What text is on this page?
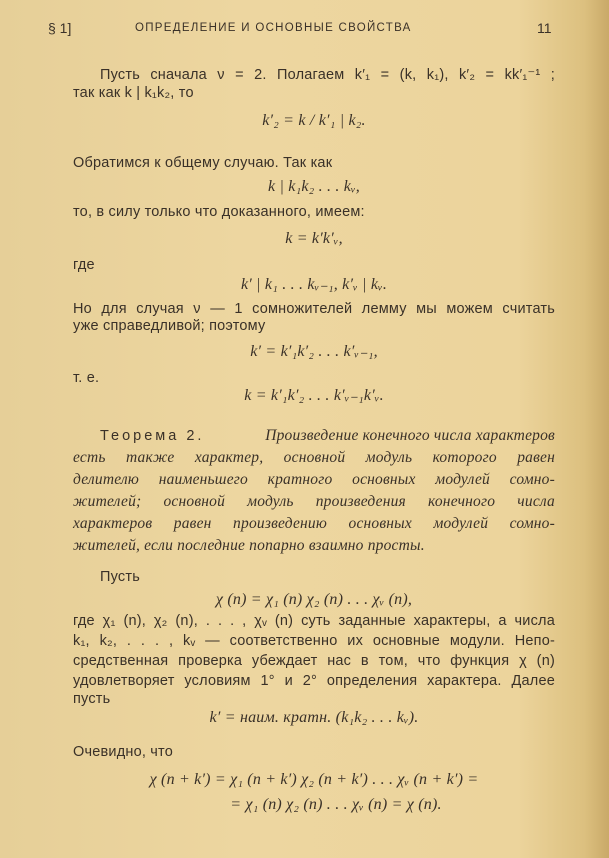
§ 1]	ОПРЕДЕЛЕНИЕ И ОСНОВНЫЕ СВОЙСТВА	11
Пусть сначала ν = 2. Полагаем k′₁ = (k, k₁), k′₂ = kk′₁⁻¹ ;
так как k | k₁k₂, то
k′₂ = k / k′₁ | k₂.
Обратимся к общему случаю. Так как
k | k₁k₂ . . . kᵥ,
то, в силу только что доказанного, имеем:
k = k′k′ᵥ,
где
k′ | k₁ . . . kᵥ₋₁, k′ᵥ | kᵥ.
Но для случая ν — 1 сомножителей лемму мы можем считать
уже справедливой; поэтому
k′ = k′₁k′₂ . . . k′ᵥ₋₁,
т. е.
k = k′₁k′₂ . . . k′ᵥ₋₁k′ᵥ.
Теорема 2.	Произведение конечного числа характеров
есть также характер, основной модуль которого равен
делителю наименьшего кратного основных модулей сомно-
жителей; основной модуль произведения конечного числа
характеров равен произведению основных модулей сомно-
жителей, если последние попарно взаимно просты.
Пусть
χ (n) = χ₁ (n) χ₂ (n) . . . χᵥ (n),
где χ₁ (n), χ₂ (n), . . . , χᵥ (n) суть заданные характеры, а числа
k₁, k₂, . . . , kᵥ — соответственно их основные модули. Непо-
средственная проверка убеждает нас в том, что функция χ (n)
удовлетворяет условиям 1° и 2° определения характера. Далее
пусть
k′ = наим. кратн. (k₁k₂ . . . kᵥ).
Очевидно, что
χ (n + k′) = χ₁ (n + k′) χ₂ (n + k′) . . . χᵥ (n + k′) =
= χ₁ (n) χ₂ (n) . . . χᵥ (n) = χ (n).
